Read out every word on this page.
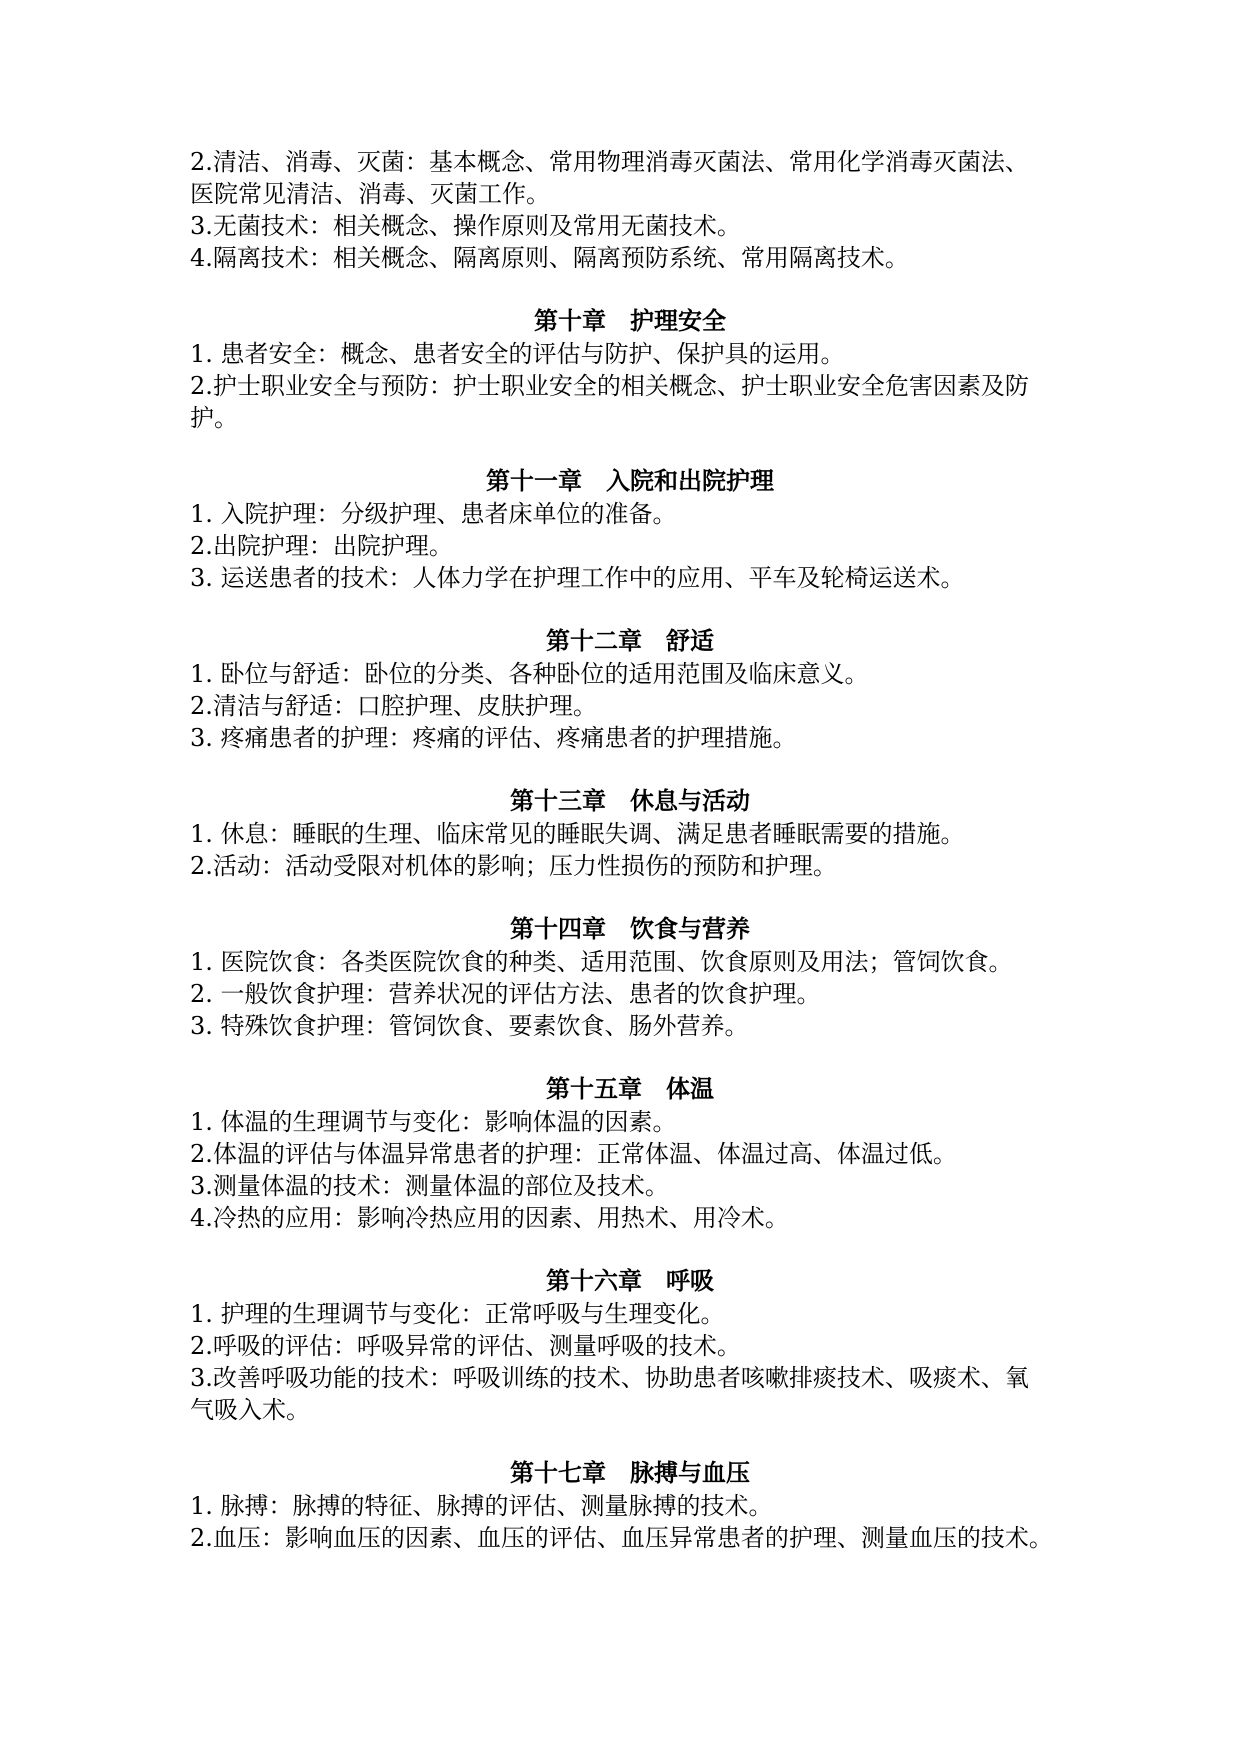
2.清洁、消毒、灭菌：基本概念、常用物理消毒灭菌法、常用化学消毒灭菌法、
医院常见清洁、消毒、灭菌工作。
3.无菌技术：相关概念、操作原则及常用无菌技术。
4.隔离技术：相关概念、隔离原则、隔离预防系统、常用隔离技术。
第十章　护理安全
1. 患者安全：概念、患者安全的评估与防护、保护具的运用。
2.护士职业安全与预防：护士职业安全的相关概念、护士职业安全危害因素及防
护。
第十一章　入院和出院护理
1. 入院护理：分级护理、患者床单位的准备。
2.出院护理：出院护理。
3. 运送患者的技术：人体力学在护理工作中的应用、平车及轮椅运送术。
第十二章　舒适
1. 卧位与舒适：卧位的分类、各种卧位的适用范围及临床意义。
2.清洁与舒适：口腔护理、皮肤护理。
3. 疼痛患者的护理：疼痛的评估、疼痛患者的护理措施。
第十三章　休息与活动
1. 休息：睡眠的生理、临床常见的睡眠失调、满足患者睡眠需要的措施。
2.活动：活动受限对机体的影响；压力性损伤的预防和护理。
第十四章　饮食与营养
1. 医院饮食：各类医院饮食的种类、适用范围、饮食原则及用法；管饲饮食。
2. 一般饮食护理：营养状况的评估方法、患者的饮食护理。
3. 特殊饮食护理：管饲饮食、要素饮食、肠外营养。
第十五章　体温
1. 体温的生理调节与变化：影响体温的因素。
2.体温的评估与体温异常患者的护理：正常体温、体温过高、体温过低。
3.测量体温的技术：测量体温的部位及技术。
4.冷热的应用：影响冷热应用的因素、用热术、用冷术。
第十六章　呼吸
1. 护理的生理调节与变化：正常呼吸与生理变化。
2.呼吸的评估：呼吸异常的评估、测量呼吸的技术。
3.改善呼吸功能的技术：呼吸训练的技术、协助患者咳嗽排痰技术、吸痰术、氧
气吸入术。
第十七章　脉搏与血压
1. 脉搏：脉搏的特征、脉搏的评估、测量脉搏的技术。
2.血压：影响血压的因素、血压的评估、血压异常患者的护理、测量血压的技术。
